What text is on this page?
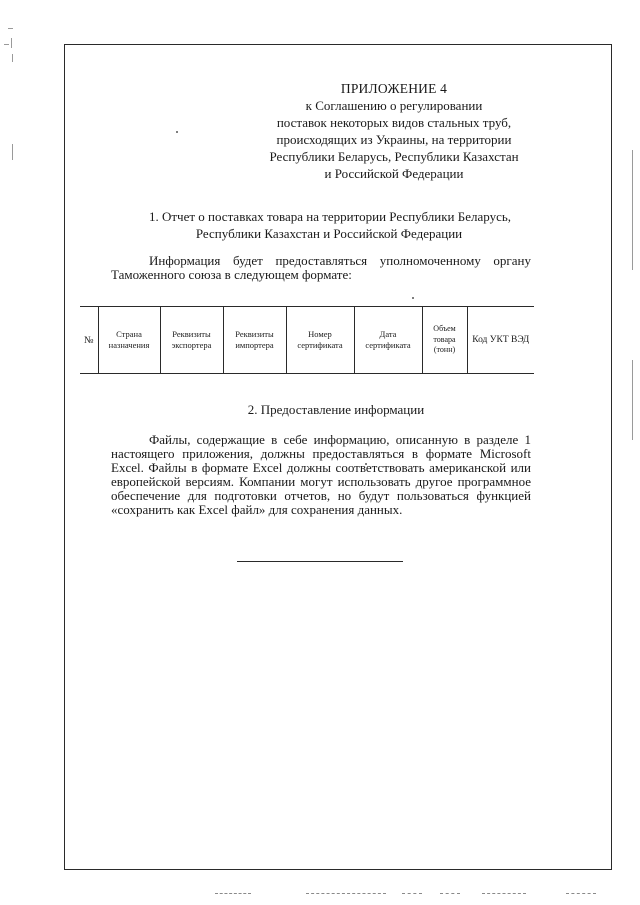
ПРИЛОЖЕНИЕ 4
к Соглашению о регулировании
поставок некоторых видов стальных труб,
происходящих из Украины, на территории
Республики Беларусь, Республики Казахстан
и Российской Федерации
1. Отчет о поставках товара на территории Республики Беларусь,
Республики Казахстан и Российской Федерации
Информация будет предоставляться уполномоченному органу Таможенного союза в следующем формате:
№	Страна назначения	Реквизиты экспортера	Реквизиты импортера	Номер сертификата	Дата сертификата	Объем товара (тонн)	Код УКТ ВЭД
2. Предоставление информации
Файлы, содержащие в себе информацию, описанную в разделе 1 настоящего приложения, должны предоставляться в формате Microsoft Excel. Файлы в формате Excel должны соответствовать американской или европейской версиям. Компании могут использовать другое программное обеспечение для подготовки отчетов, но будут пользоваться функцией «сохранить как Excel файл» для сохранения данных.
